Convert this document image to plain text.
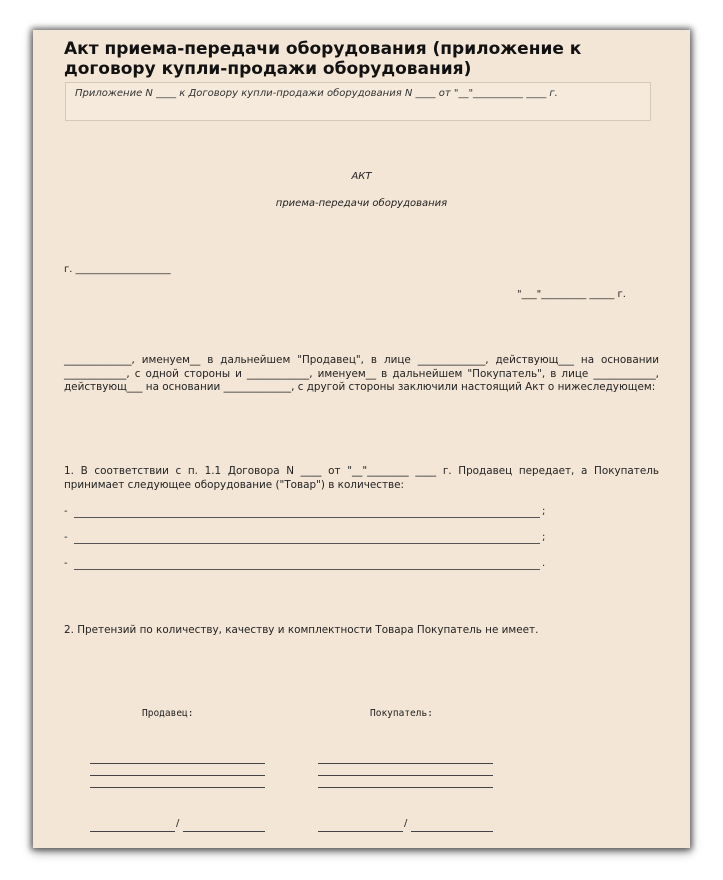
Акт приема-передачи оборудования (приложение к договору купли-продажи оборудования)
Приложение N ____ к Договору купли-продажи оборудования N ____ от "__"__________ ____ г.
АКТ
приема-передачи оборудования
г. ___________________
"___"_________ _____ г.
_____________, именуем__ в дальнейшем "Продавец", в лице _____________, действующ___ на основании ____________, с одной стороны и ____________, именуем__ в дальнейшем "Покупатель", в лице ____________, действующ___ на основании _____________, с другой стороны заключили настоящий Акт о нижеследующем:
1. В соответствии с п. 1.1 Договора N ____ от "__"________ ____ г. Продавец передает, а Покупатель принимает следующее оборудование ("Товар") в количестве:
-	;
-	;
-	.
2. Претензий по количеству, качеству и комплектности Товара Покупатель не имеет.
Продавец:	Покупатель:
/	/
